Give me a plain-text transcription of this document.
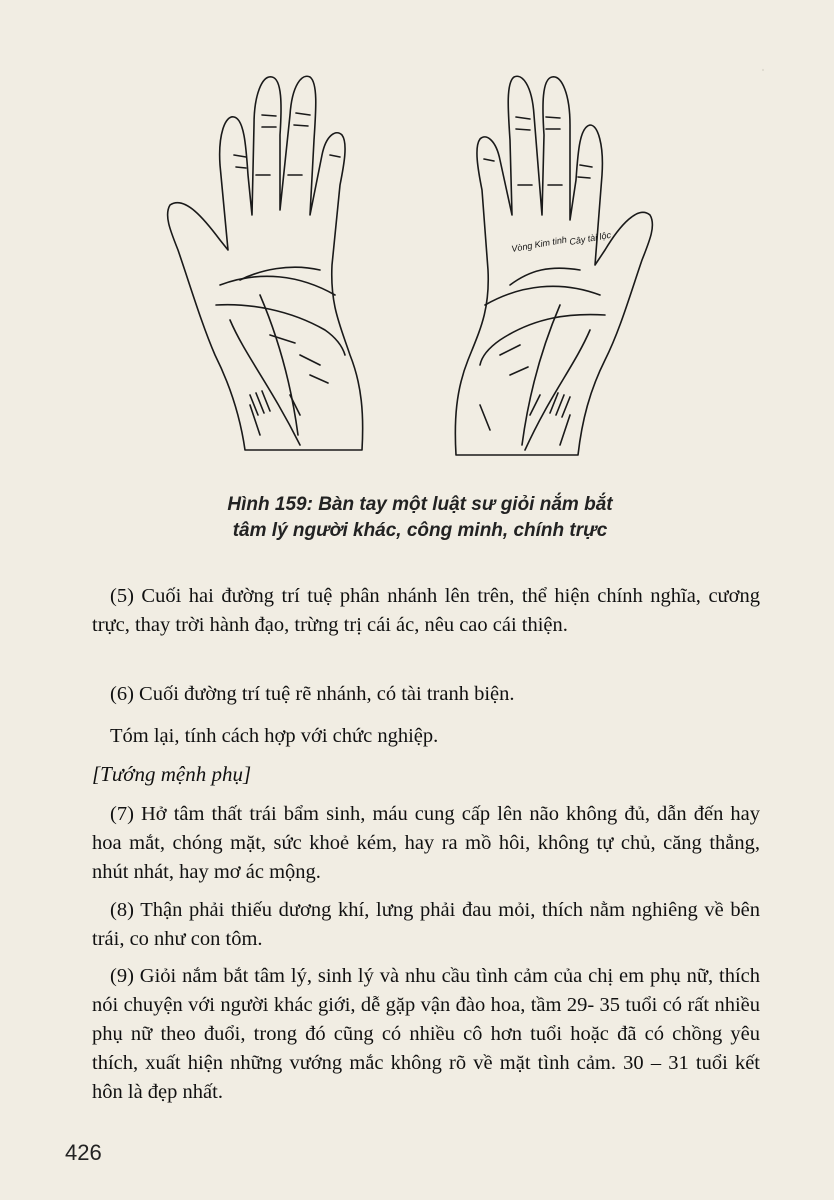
·
Vòng Kim tinh Cây tài lộc
Hình 159: Bàn tay một luật sư giỏi nắm bắt
tâm lý người khác, công minh, chính trực
(5) Cuối hai đường trí tuệ phân nhánh lên trên, thể hiện chính nghĩa, cương trực, thay trời hành đạo, trừng trị cái ác, nêu cao cái thiện.
(6) Cuối đường trí tuệ rẽ nhánh, có tài tranh biện.
Tóm lại, tính cách hợp với chức nghiệp.
[Tướng mệnh phụ]
(7) Hở tâm thất trái bẩm sinh, máu cung cấp lên não không đủ, dẫn đến hay hoa mắt, chóng mặt, sức khoẻ kém, hay ra mồ hôi, không tự chủ, căng thẳng, nhút nhát, hay mơ ác mộng.
(8) Thận phải thiếu dương khí, lưng phải đau mỏi, thích nằm nghiêng về bên trái, co như con tôm.
(9) Giỏi nắm bắt tâm lý, sinh lý và nhu cầu tình cảm của chị em phụ nữ, thích nói chuyện với người khác giới, dễ gặp vận đào hoa, tầm 29- 35 tuổi có rất nhiều phụ nữ theo đuổi, trong đó cũng có nhiều cô hơn tuổi hoặc đã có chồng yêu thích, xuất hiện những vướng mắc không rõ về mặt tình cảm. 30 – 31 tuổi kết hôn là đẹp nhất.
426
